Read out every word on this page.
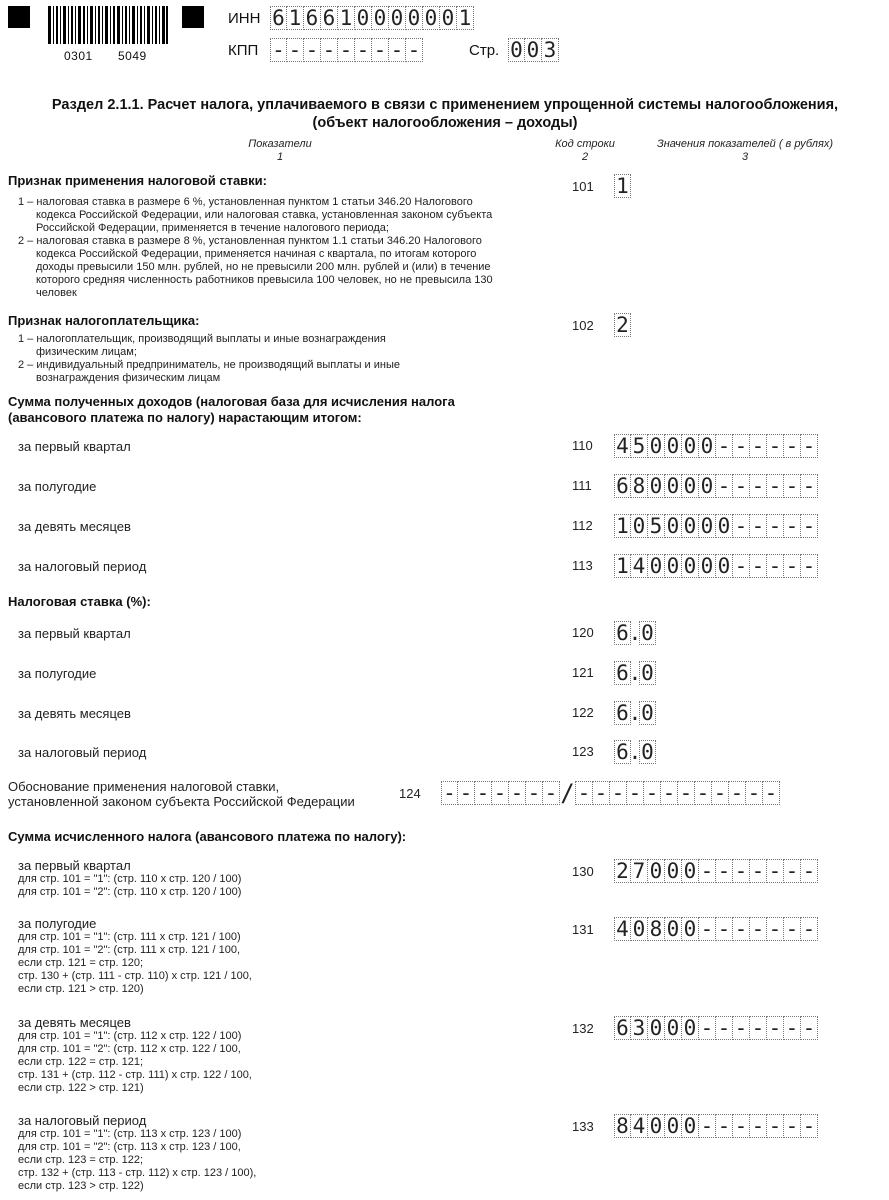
0301 5049
ИНН 6 1 6 6 1 0 0 0 0 0 0 1
КПП - - - - - - - - -	Стр. 0 0 3
Раздел 2.1.1. Расчет налога, уплачиваемого в связи с применением упрощенной системы налогообложения,
(объект налогообложения – доходы)
Показатели
1
Код строки
2
Значения показателей ( в рублях)
3
Признак применения налоговой ставки:
1 – налоговая ставка в размере 6 %, установленная пунктом 1 статьи 346.20 Налогового
кодекса Российской Федерации, или налоговая ставка, установленная законом субъекта
Российской Федерации, применяется в течение налогового периода;
2 – налоговая ставка в размере 8 %, установленная пунктом 1.1 статьи 346.20 Налогового
кодекса Российской Федерации, применяется начиная с квартала, по итогам которого
доходы превысили 150 млн. рублей, но не превысили 200 млн. рублей и (или) в течение
которого средняя численность работников превысила 100 человек, но не превысила 130
человек
101 1
Признак налогоплательщика:
1 – налогоплательщик, производящий выплаты и иные вознаграждения
физическим лицам;
2 – индивидуальный предприниматель, не производящий выплаты и иные
вознаграждения физическим лицам
102 2
Сумма полученных доходов (налоговая база для исчисления налога
(авансового платежа по налогу) нарастающим итогом:
за первый квартал	110 4 5 0 0 0 0 - - - - - -
за полугодие	111 6 8 0 0 0 0 - - - - - -
за девять месяцев	112 1 0 5 0 0 0 0 - - - - -
за налоговый период	113 1 4 0 0 0 0 0 - - - - -
Налоговая ставка (%):
за первый квартал	120 6 . 0
за полугодие	121 6 . 0
за девять месяцев	122 6 . 0
за налоговый период	123 6 . 0
Обоснование применения налоговой ставки,
установленной законом субъекта Российской Федерации
124 - - - - - - - / - - - - - - - - - - - -
Сумма исчисленного налога (авансового платежа по налогу):
за первый квартал
для стр. 101 = "1": (стр. 110 x стр. 120 / 100)
для стр. 101 = "2": (стр. 110 x стр. 120 / 100)
130 2 7 0 0 0 - - - - - - -
за полугодие
для стр. 101 = "1": (стр. 111 x стр. 121 / 100)
для стр. 101 = "2": (стр. 111 x стр. 121 / 100,
если стр. 121 = стр. 120;
стр. 130 + (стр. 111 - стр. 110) x стр. 121 / 100,
если стр. 121 > стр. 120)
131 4 0 8 0 0 - - - - - - -
за девять месяцев
для стр. 101 = "1": (стр. 112 x стр. 122 / 100)
для стр. 101 = "2": (стр. 112 x стр. 122 / 100,
если стр. 122 = стр. 121;
стр. 131 + (стр. 112 - стр. 111) x стр. 122 / 100,
если стр. 122 > стр. 121)
132 6 3 0 0 0 - - - - - - -
за налоговый период
для стр. 101 = "1": (стр. 113 x стр. 123 / 100)
для стр. 101 = "2": (стр. 113 x стр. 123 / 100,
если стр. 123 = стр. 122;
стр. 132 + (стр. 113 - стр. 112) x стр. 123 / 100),
если стр. 123 > стр. 122)
133 8 4 0 0 0 - - - - - - -
